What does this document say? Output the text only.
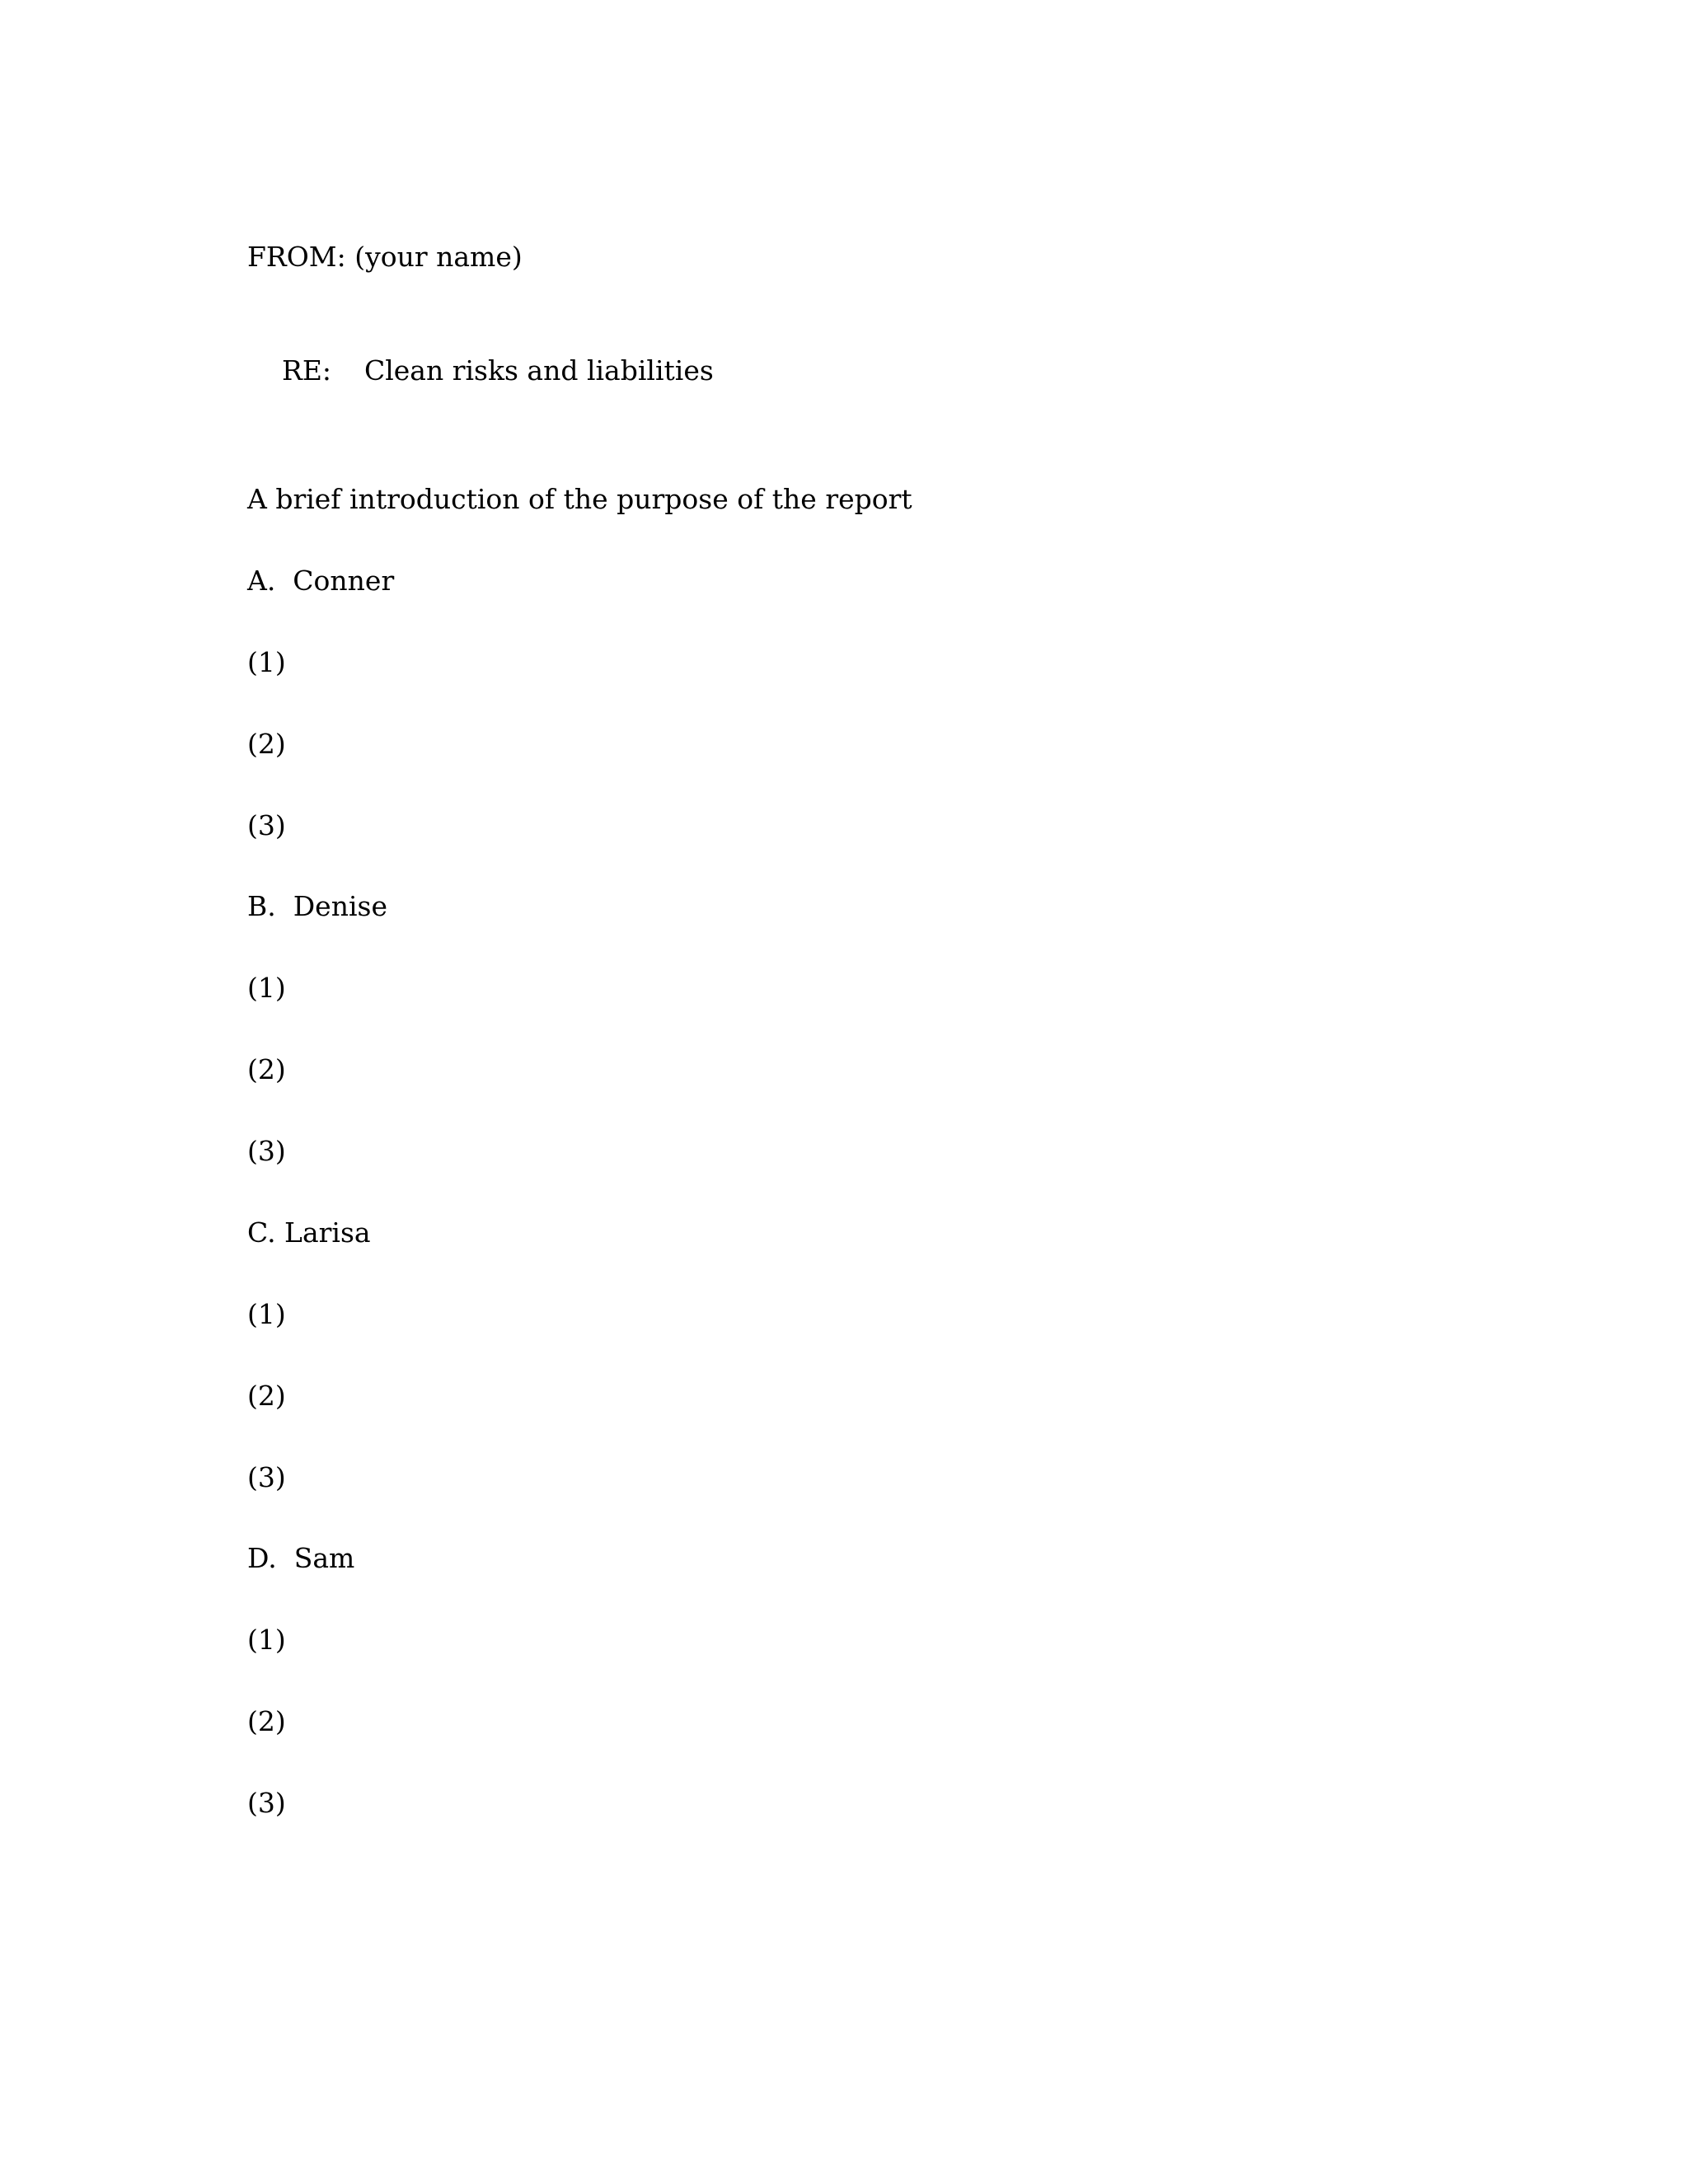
FROM: (your name)

RE: Clean risks and liabilities

A brief introduction of the purpose of the report
A.  Conner
(1)
(2)
(3)
B.  Denise
(1)
(2)
(3)
C. Larisa
(1)
(2)
(3)
D.  Sam
(1)
(2)
(3)
